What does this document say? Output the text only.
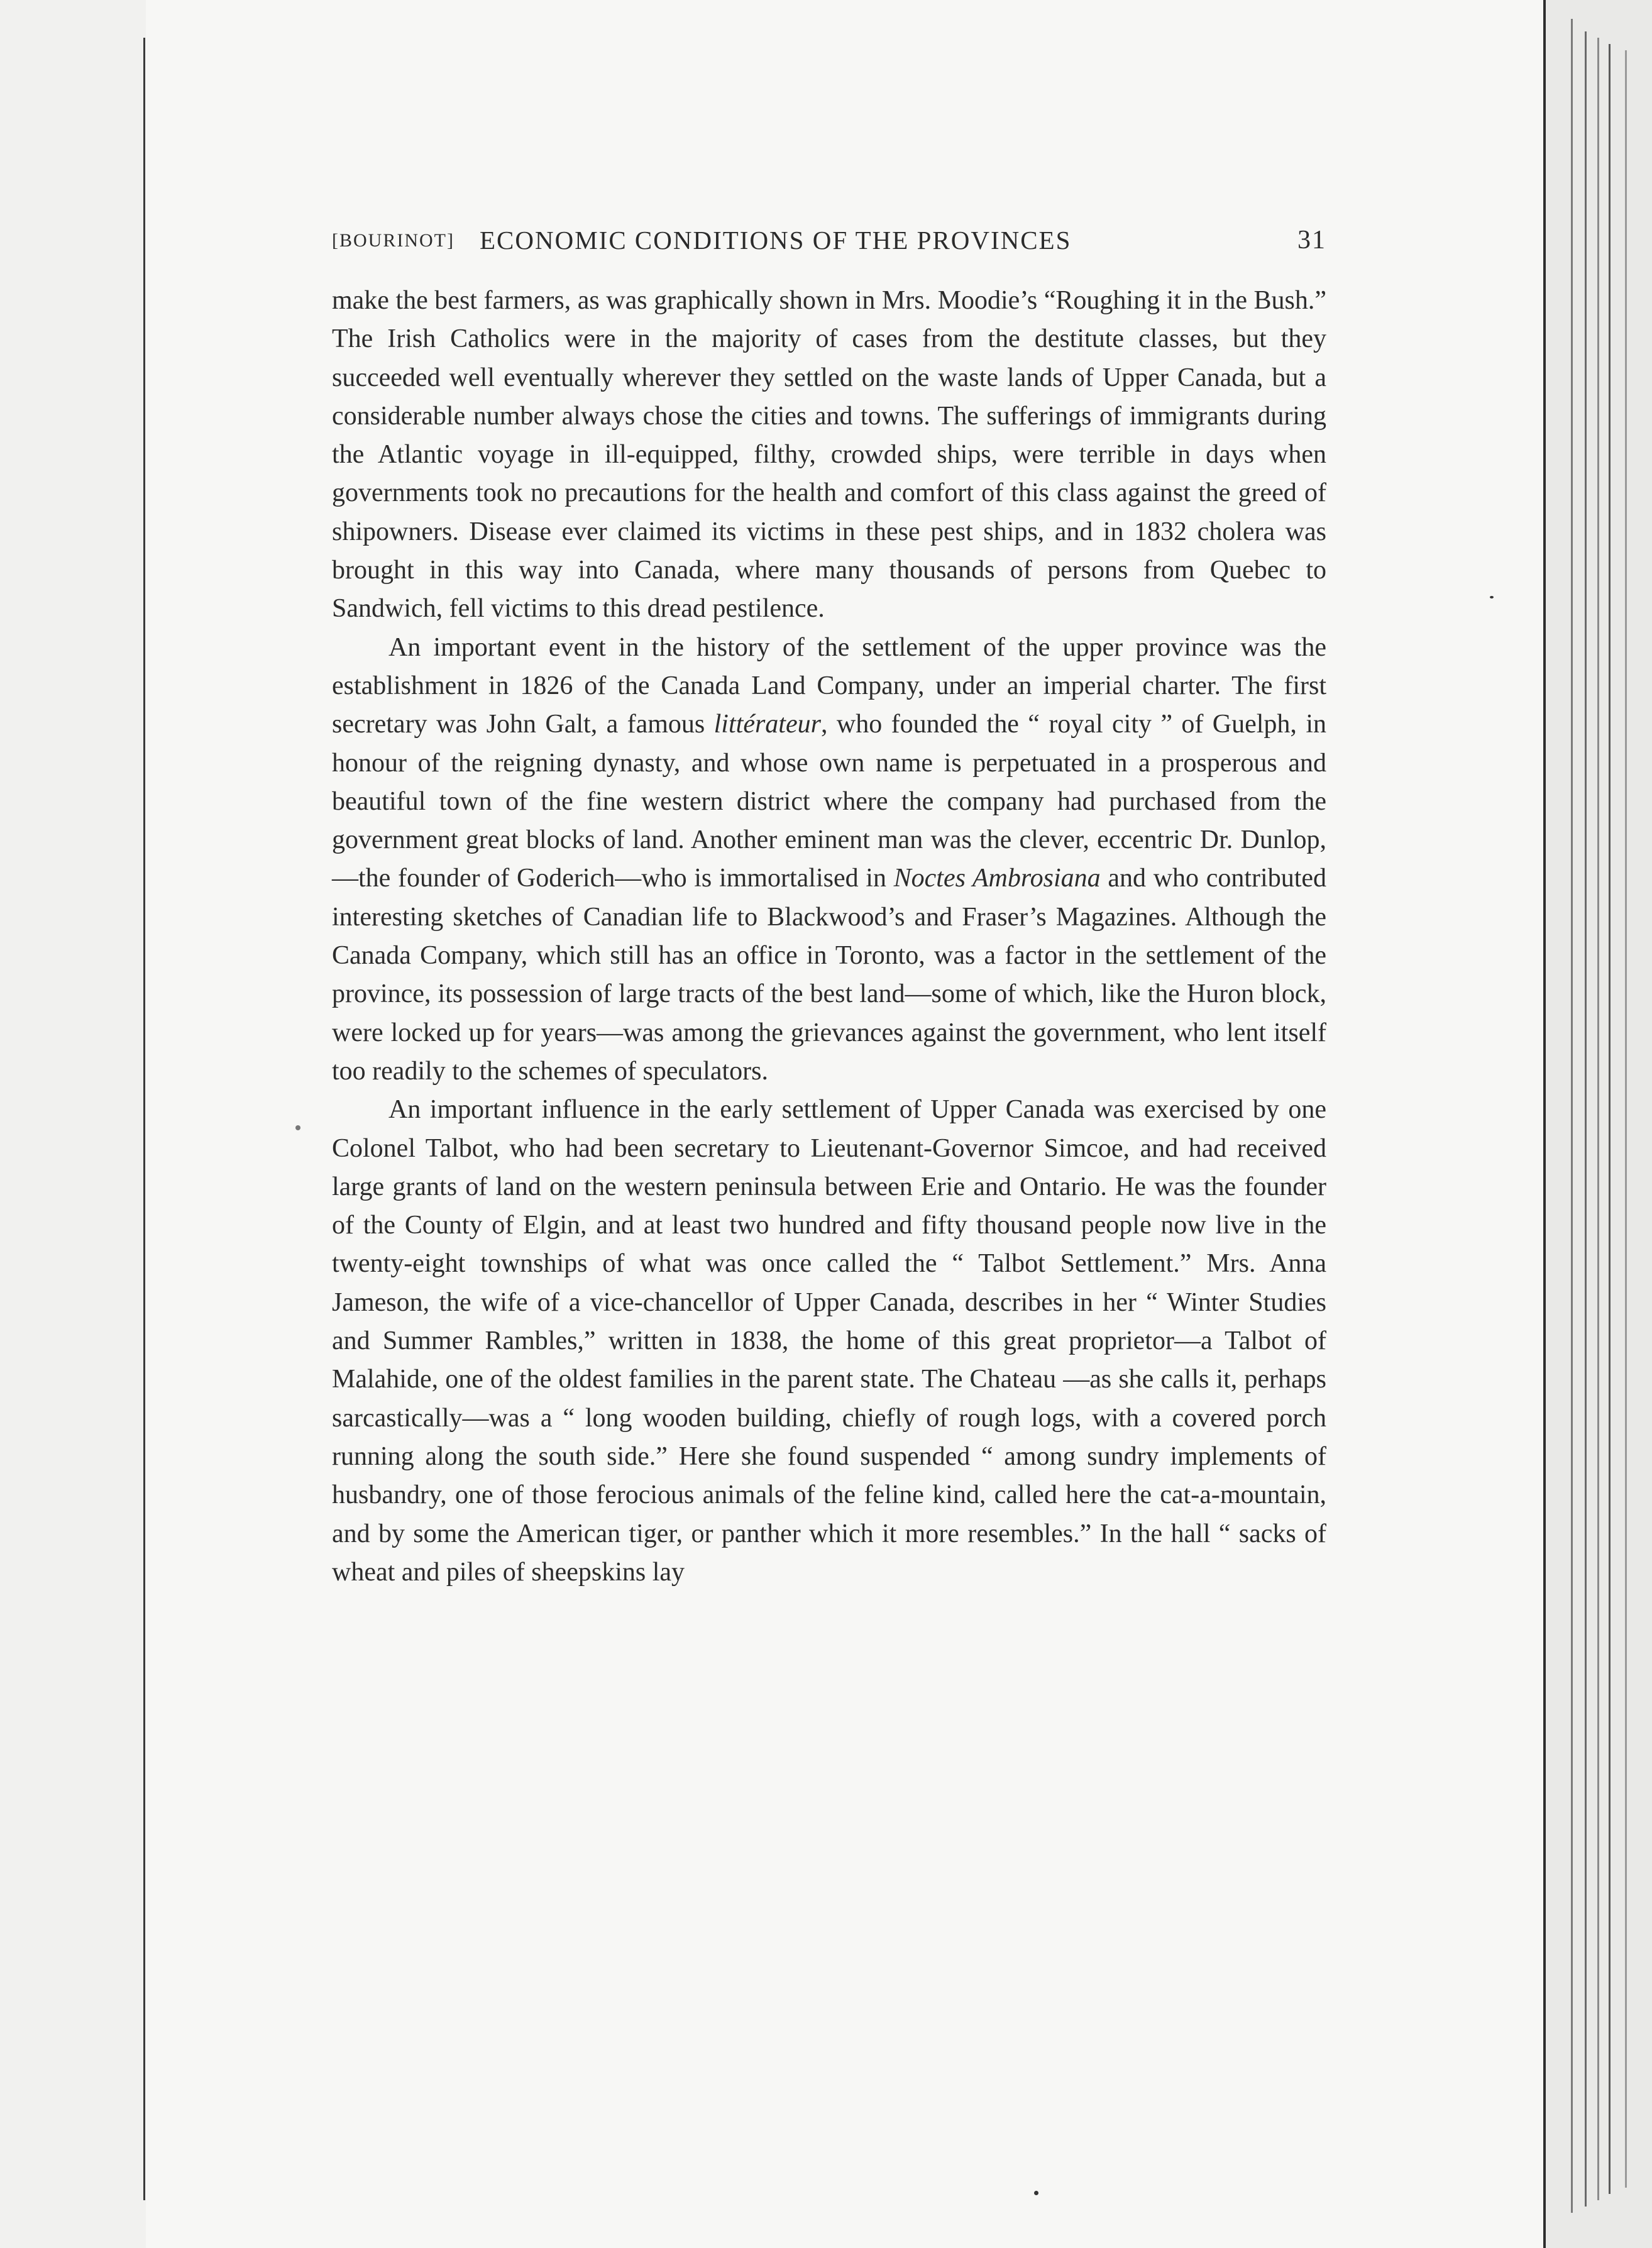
[BOURINOT] ECONOMIC CONDITIONS OF THE PROVINCES	31

make the best farmers, as was graphically shown in Mrs. Moodie’s “Roughing it in the Bush.” The Irish Catholics were in the majority of cases from the destitute classes, but they succeeded well eventually wherever they settled on the waste lands of Upper Canada, but a considerable number always chose the cities and towns. The sufferings of immigrants during the Atlantic voyage in ill-equipped, filthy, crowded ships, were terrible in days when governments took no precautions for the health and comfort of this class against the greed of shipowners. Disease ever claimed its victims in these pest ships, and in 1832 cholera was brought in this way into Canada, where many thousands of persons from Quebec to Sandwich, fell victims to this dread pestilence.

An important event in the history of the settlement of the upper province was the establishment in 1826 of the Canada Land Company, under an imperial charter. The first secretary was John Galt, a famous littérateur, who founded the “ royal city ” of Guelph, in honour of the reigning dynasty, and whose own name is perpetuated in a prosperous and beautiful town of the fine western district where the company had purchased from the government great blocks of land. Another eminent man was the clever, eccentric Dr. Dunlop,—the founder of Goderich—who is immortalised in Noctes Ambrosiana and who contributed interesting sketches of Canadian life to Blackwood’s and Fraser’s Magazines. Although the Canada Company, which still has an office in Toronto, was a factor in the settlement of the province, its possession of large tracts of the best land—some of which, like the Huron block, were locked up for years—was among the grievances against the government, who lent itself too readily to the schemes of speculators.

An important influence in the early settlement of Upper Canada was exercised by one Colonel Talbot, who had been secretary to Lieutenant-Governor Simcoe, and had received large grants of land on the western peninsula between Erie and Ontario. He was the founder of the County of Elgin, and at least two hundred and fifty thousand people now live in the twenty-eight townships of what was once called the “ Talbot Settlement.” Mrs. Anna Jameson, the wife of a vice-chancellor of Upper Canada, describes in her “ Winter Studies and Summer Rambles,” written in 1838, the home of this great proprietor—a Talbot of Malahide, one of the oldest families in the parent state. The Chateau —as she calls it, perhaps sarcastically—was a “ long wooden building, chiefly of rough logs, with a covered porch running along the south side.” Here she found suspended “ among sundry implements of husbandry, one of those ferocious animals of the feline kind, called here the cat-a-mountain, and by some the American tiger, or panther which it more resembles.” In the hall “ sacks of wheat and piles of sheepskins lay
